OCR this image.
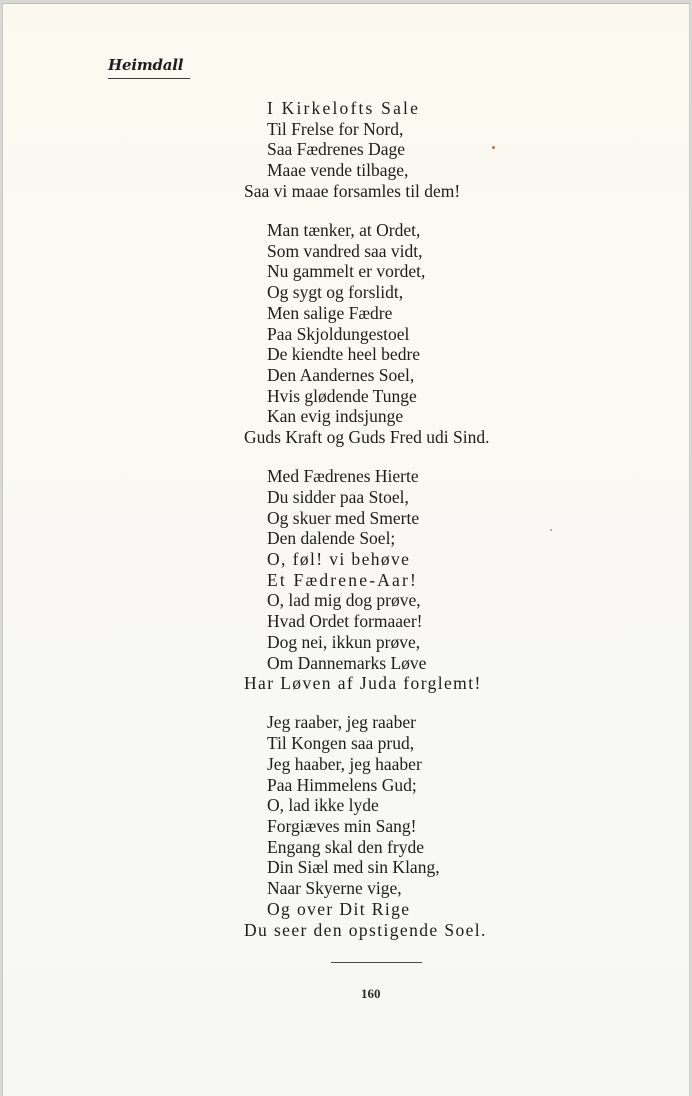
Heimdall
I Kirkelofts Sale
Til Frelse for Nord,
Saa Fædrenes Dage
Maae vende tilbage,
Saa vi maae forsamles til dem!
Man tænker, at Ordet,
Som vandred saa vidt,
Nu gammelt er vordet,
Og sygt og forslidt,
Men salige Fædre
Paa Skjoldungestoel
De kiendte heel bedre
Den Aandernes Soel,
Hvis glødende Tunge
Kan evig indsjunge
Guds Kraft og Guds Fred udi Sind.
Med Fædrenes Hierte
Du sidder paa Stoel,
Og skuer med Smerte
Den dalende Soel;
O, føl! vi behøve
Et Fædrene-Aar!
O, lad mig dog prøve,
Hvad Ordet formaaer!
Dog nei, ikkun prøve,
Om Dannemarks Løve
Har Løven af Juda forglemt!
Jeg raaber, jeg raaber
Til Kongen saa prud,
Jeg haaber, jeg haaber
Paa Himmelens Gud;
O, lad ikke lyde
Forgiæves min Sang!
Engang skal den fryde
Din Siæl med sin Klang,
Naar Skyerne vige,
Og over Dit Rige
Du seer den opstigende Soel.
160
